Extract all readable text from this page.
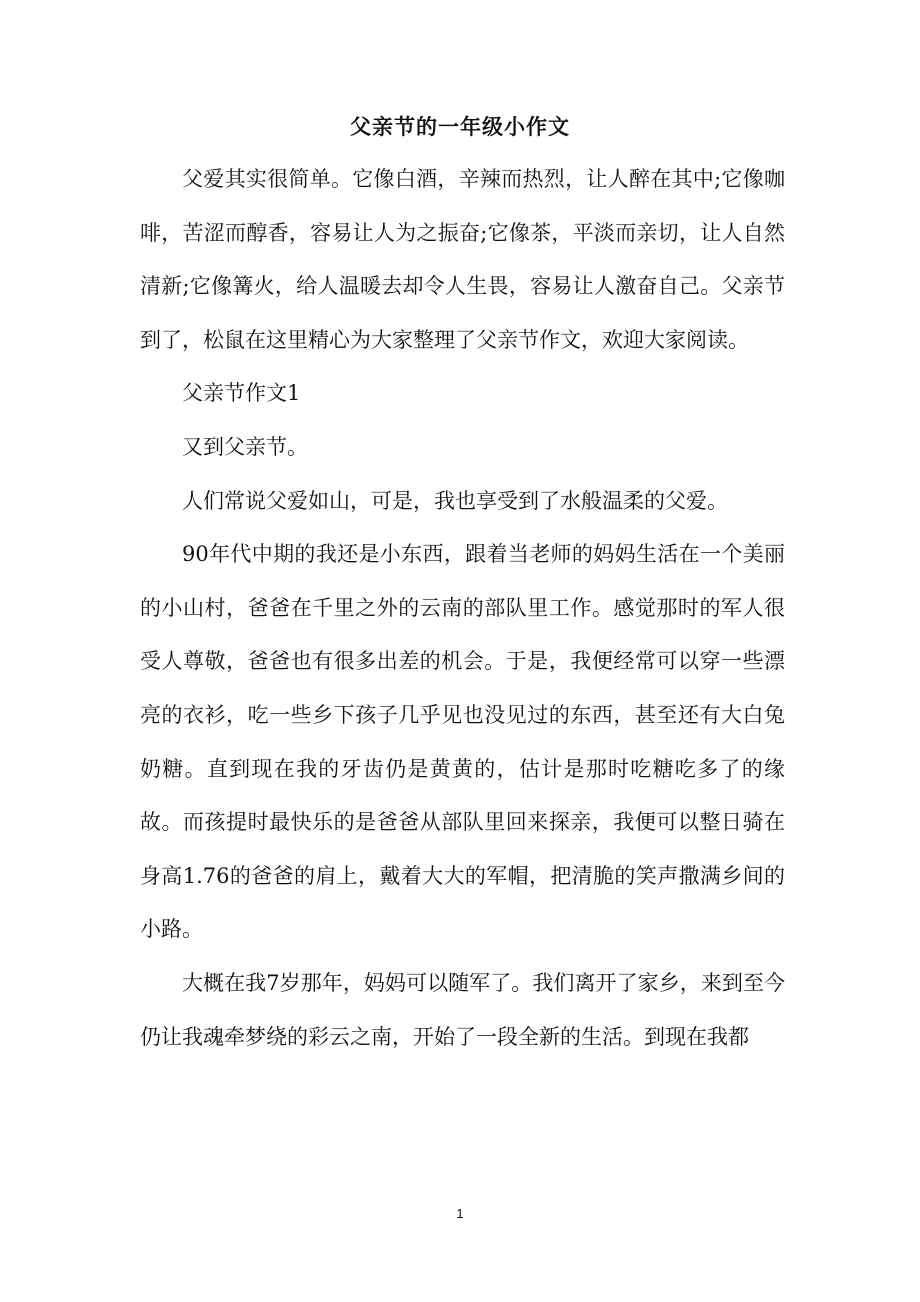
父亲节的一年级小作文

父爱其实很简单。它像白酒，辛辣而热烈，让人醉在其中;它像咖啡，苦涩而醇香，容易让人为之振奋;它像茶，平淡而亲切，让人自然清新;它像篝火，给人温暖去却令人生畏，容易让人激奋自己。父亲节到了，松鼠在这里精心为大家整理了父亲节作文，欢迎大家阅读。

父亲节作文1

又到父亲节。

人们常说父爱如山，可是，我也享受到了水般温柔的父爱。

90年代中期的我还是小东西，跟着当老师的妈妈生活在一个美丽的小山村，爸爸在千里之外的云南的部队里工作。感觉那时的军人很受人尊敬，爸爸也有很多出差的机会。于是，我便经常可以穿一些漂亮的衣衫，吃一些乡下孩子几乎见也没见过的东西，甚至还有大白兔奶糖。直到现在我的牙齿仍是黄黄的，估计是那时吃糖吃多了的缘故。而孩提时最快乐的是爸爸从部队里回来探亲，我便可以整日骑在身高1.76的爸爸的肩上，戴着大大的军帽，把清脆的笑声撒满乡间的小路。

大概在我7岁那年，妈妈可以随军了。我们离开了家乡，来到至今仍让我魂牵梦绕的彩云之南，开始了一段全新的生活。到现在我都

1
